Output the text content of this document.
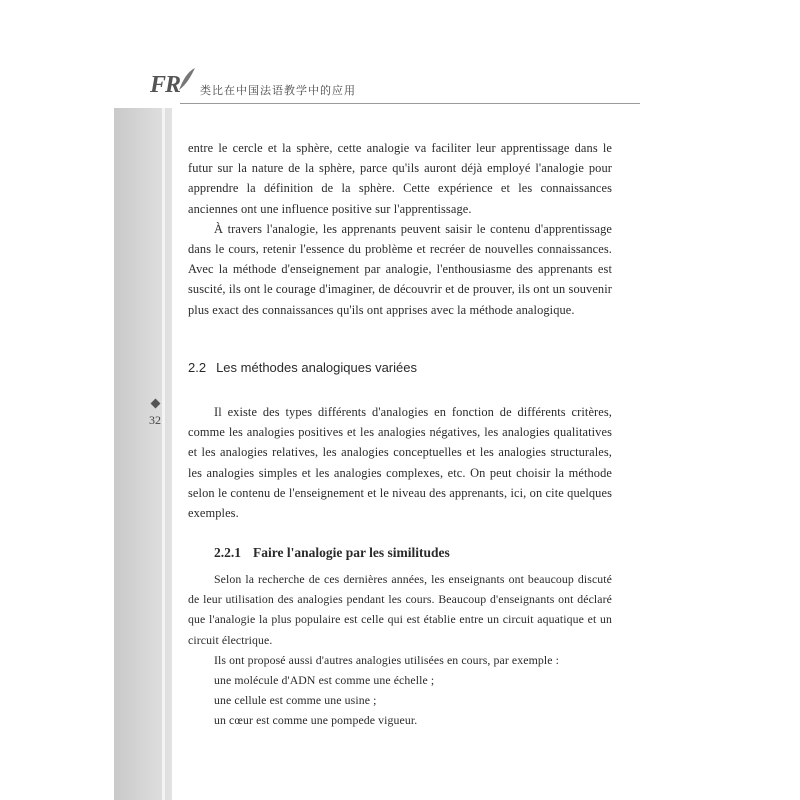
FR 类比在中国法语教学中的应用
32

entre le cercle et la sphère, cette analogie va faciliter leur apprentissage dans le futur sur la nature de la sphère, parce qu'ils auront déjà employé l'analogie pour apprendre la définition de la sphère. Cette expérience et les connaissances anciennes ont une influence positive sur l'apprentissage.

À travers l'analogie, les apprenants peuvent saisir le contenu d'apprentissage dans le cours, retenir l'essence du problème et recréer de nouvelles connaissances. Avec la méthode d'enseignement par analogie, l'enthousiasme des apprenants est suscité, ils ont le courage d'imaginer, de découvrir et de prouver, ils ont un souvenir plus exact des connaissances qu'ils ont apprises avec la méthode analogique.

2.2 Les méthodes analogiques variées

Il existe des types différents d'analogies en fonction de différents critères, comme les analogies positives et les analogies négatives, les analogies qualitatives et les analogies relatives, les analogies conceptuelles et les analogies structurales, les analogies simples et les analogies complexes, etc. On peut choisir la méthode selon le contenu de l'enseignement et le niveau des apprenants, ici, on cite quelques exemples.

2.2.1 Faire l'analogie par les similitudes

Selon la recherche de ces dernières années, les enseignants ont beaucoup discuté de leur utilisation des analogies pendant les cours. Beaucoup d'enseignants ont déclaré que l'analogie la plus populaire est celle qui est établie entre un circuit aquatique et un circuit électrique.

Ils ont proposé aussi d'autres analogies utilisées en cours, par exemple :

une molécule d'ADN est comme une échelle ;

une cellule est comme une usine ;

un cœur est comme une pompede vigueur.
